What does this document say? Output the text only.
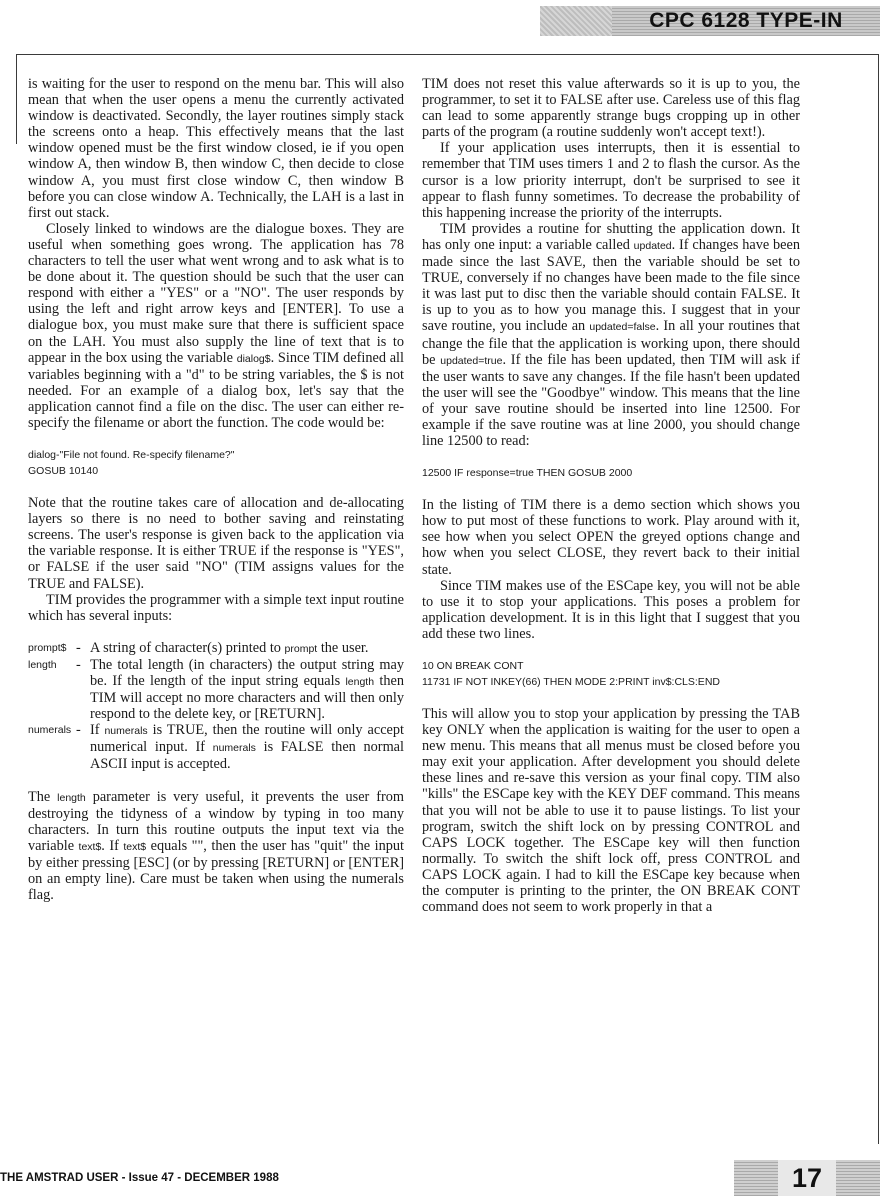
CPC 6128 TYPE-IN

is waiting for the user to respond on the menu bar. This will also mean that when the user opens a menu the currently activated window is deactivated. Secondly, the layer routines simply stack the screens onto a heap. This effectively means that the last window opened must be the first window closed, ie if you open window A, then window B, then window C, then decide to close window A, you must first close window C, then window B before you can close window A. Technically, the LAH is a last in first out stack.

Closely linked to windows are the dialogue boxes. They are useful when something goes wrong. The application has 78 characters to tell the user what went wrong and to ask what is to be done about it. The question should be such that the user can respond with either a "YES" or a "NO". The user responds by using the left and right arrow keys and [ENTER]. To use a dialogue box, you must make sure that there is sufficient space on the LAH. You must also supply the line of text that is to appear in the box using the variable dialog$. Since TIM defined all variables beginning with a "d" to be string variables, the $ is not needed. For an example of a dialog box, let's say that the application cannot find a file on the disc. The user can either re-specify the filename or abort the function. The code would be:

dialog-"File not found. Re-specify filename?"

GOSUB 10140

Note that the routine takes care of allocation and de-allocating layers so there is no need to bother saving and reinstating screens. The user's response is given back to the application via the variable response. It is either TRUE if the response is "YES", or FALSE if the user said "NO" (TIM assigns values for the TRUE and FALSE).

TIM provides the programmer with a simple text input routine which has several inputs:

prompt$ - A string of character(s) printed to prompt the user.
length	- The total length (in characters) the output string may be. If the length of the input string equals length then TIM will accept no more characters and will then only respond to the delete key, or [RETURN].
numerals - If numerals is TRUE, then the routine will only accept numerical input. If numerals is FALSE then normal ASCII input is accepted.

The length parameter is very useful, it prevents the user from destroying the tidyness of a window by typing in too many characters. In turn this routine outputs the input text via the variable text$. If text$ equals "", then the user has "quit" the input by either pressing [ESC] (or by pressing [RETURN] or [ENTER] on an empty line). Care must be taken when using the numerals flag.

TIM does not reset this value afterwards so it is up to you, the programmer, to set it to FALSE after use. Careless use of this flag can lead to some apparently strange bugs cropping up in other parts of the program (a routine suddenly won't accept text!).

If your application uses interrupts, then it is essential to remember that TIM uses timers 1 and 2 to flash the cursor. As the cursor is a low priority interrupt, don't be surprised to see it appear to flash funny sometimes. To decrease the probability of this happening increase the priority of the interrupts.

TIM provides a routine for shutting the application down. It has only one input: a variable called updated. If changes have been made since the last SAVE, then the variable should be set to TRUE, conversely if no changes have been made to the file since it was last put to disc then the variable should contain FALSE. It is up to you as to how you manage this. I suggest that in your save routine, you include an updated=false. In all your routines that change the file that the application is working upon, there should be updated=true. If the file has been updated, then TIM will ask if the user wants to save any changes. If the file hasn't been updated the user will see the "Goodbye" window. This means that the line of your save routine should be inserted into line 12500. For example if the save routine was at line 2000, you should change line 12500 to read:

12500 IF response=true THEN GOSUB 2000

In the listing of TIM there is a demo section which shows you how to put most of these functions to work. Play around with it, see how when you select OPEN the greyed options change and how when you select CLOSE, they revert back to their initial state.

Since TIM makes use of the ESCape key, you will not be able to use it to stop your applications. This poses a problem for application development. It is in this light that I suggest that you add these two lines.

10 ON BREAK CONT

11731 IF NOT INKEY(66) THEN MODE 2:PRINT inv$:CLS:END

This will allow you to stop your application by pressing the TAB key ONLY when the application is waiting for the user to open a new menu. This means that all menus must be closed before you may exit your application. After development you should delete these lines and re-save this version as your final copy. TIM also "kills" the ESCape key with the KEY DEF command. This means that you will not be able to use it to pause listings. To list your program, switch the shift lock on by pressing CONTROL and CAPS LOCK together. The ESCape key will then function normally. To switch the shift lock off, press CONTROL and CAPS LOCK again. I had to kill the ESCape key because when the computer is printing to the printer, the ON BREAK CONT command does not seem to work properly in that a

THE AMSTRAD USER - Issue 47 - DECEMBER 1988	17
